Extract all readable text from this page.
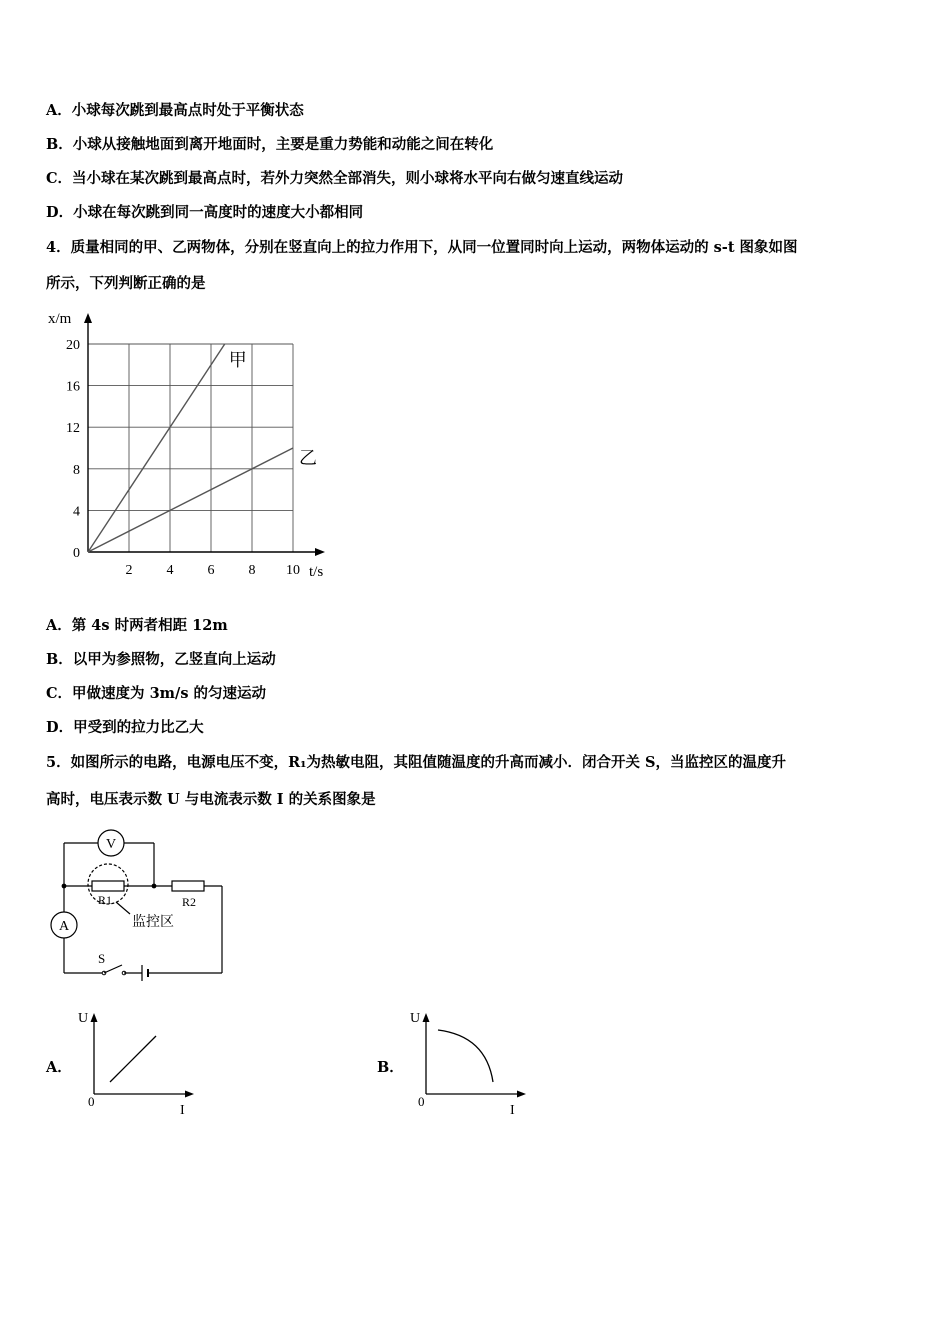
A．小球每次跳到最高点时处于平衡状态
B．小球从接触地面到离开地面时，主要是重力势能和动能之间在转化
C．当小球在某次跳到最高点时，若外力突然全部消失，则小球将水平向右做匀速直线运动
D．小球在每次跳到同一高度时的速度大小都相同
4．质量相同的甲、乙两物体，分别在竖直向上的拉力作用下，从同一位置同时向上运动，两物体运动的 s-t 图象如图
所示，下列判断正确的是
0
4
8
12
16
20
2 4 6 8 10
x/m
t/s
甲
乙
A．第 4s 时两者相距 12m
B．以甲为参照物，乙竖直向上运动
C．甲做速度为 3m/s 的匀速运动
D．甲受到的拉力比乙大
5．如图所示的电路，电源电压不变，R₁为热敏电阻，其阻值随温度的升高而减小．闭合开关 S，当监控区的温度升
高时，电压表示数 U 与电流表示数 I 的关系图象是
V
A
R1	R2
S
监控区
A．
U
0
I
B．
U
0
I
